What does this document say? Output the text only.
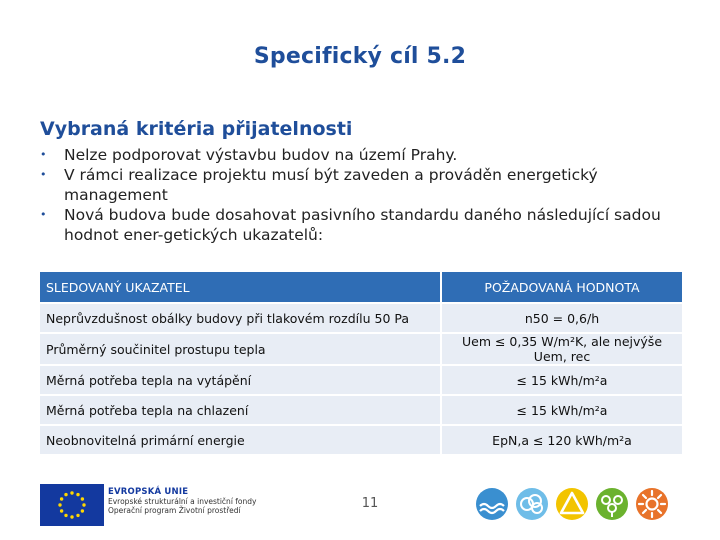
Specifický cíl 5.2
Vybraná kritéria přijatelnosti
•	Nelze podporovat výstavbu budov na území Prahy.
•	V rámci realizace projektu musí být zaveden a prováděn energetický management
•	Nová budova bude dosahovat pasivního standardu daného následující sadou hodnot ener-getických ukazatelů:
SLEDOVANÝ UKAZATEL	POŽADOVANÁ HODNOTA
Neprůvzdušnost obálky budovy při tlakovém rozdílu 50 Pa	n50 = 0,6/h
Průměrný součinitel prostupu tepla	Uem ≤ 0,35 W/m²K, ale nejvýše Uem, rec
Měrná potřeba tepla na vytápění	≤ 15 kWh/m²a
Měrná potřeba tepla na chlazení	≤ 15 kWh/m²a
Neobnovitelná primární energie	EpN,a ≤ 120 kWh/m²a
EVROPSKÁ UNIE
Evropské strukturální a investiční fondy
Operační program Životní prostředí	11
